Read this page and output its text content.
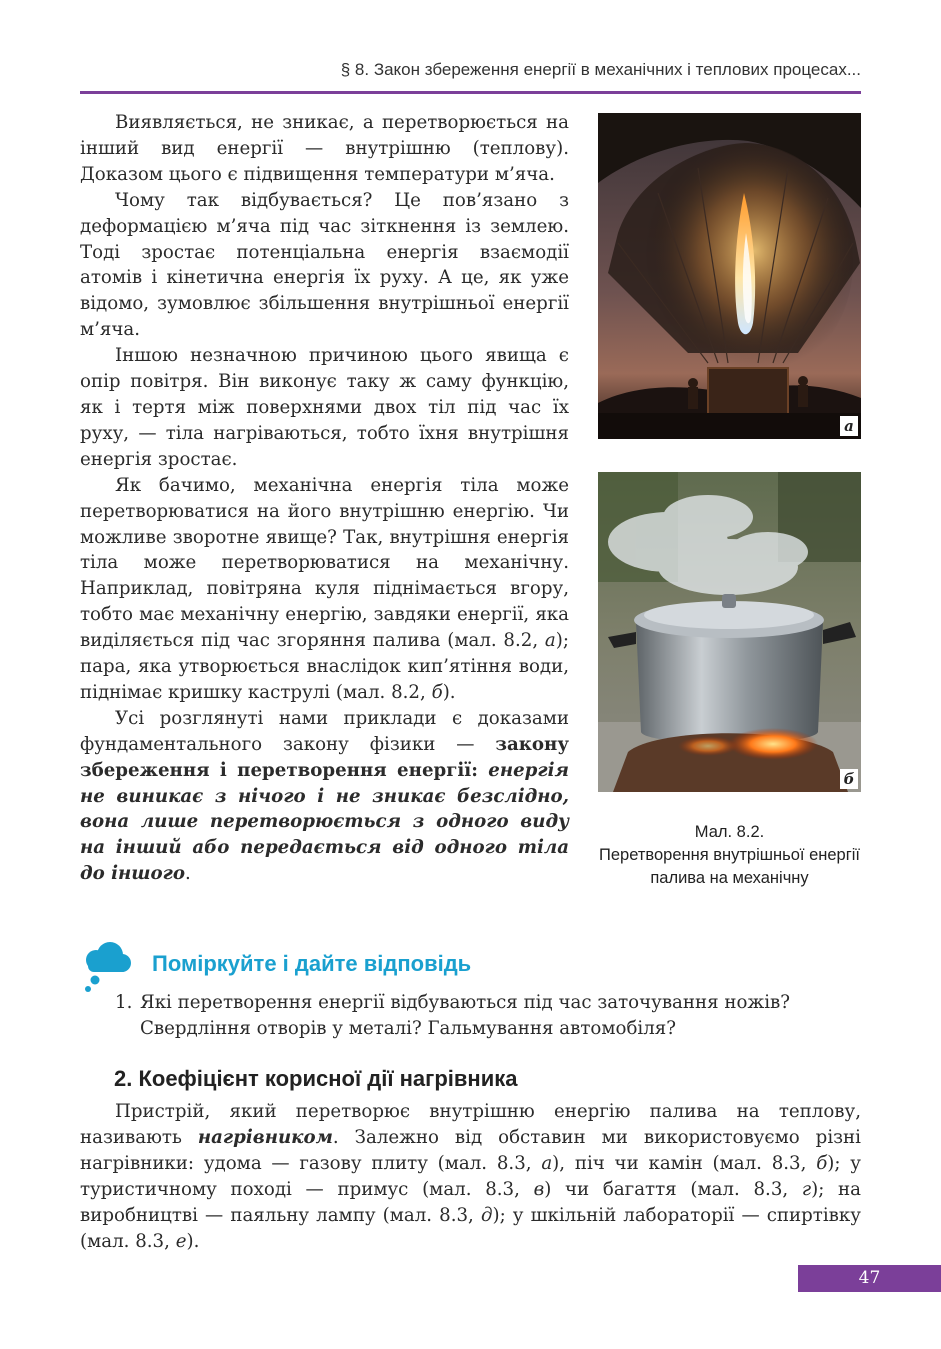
§ 8. Закон збереження енергії в механічних і теплових процесах...

Виявляється, не зникає, а перетворюється на інший вид енергії — внутрішню (теплову). Доказом цього є підвищення температури м’яча.

Чому так відбувається? Це пов’язано з деформацією м’яча під час зіткнення із землею. Тоді зростає потенціальна енергія взаємодії атомів і кінетична енергія їх руху. А це, як уже відомо, зумовлює збільшення внутрішньої енергії м’яча.

Іншою незначною причиною цього явища є опір повітря. Він виконує таку ж саму функцію, як і тертя між поверхнями двох тіл під час їх руху, — тіла нагріваються, тобто їхня внутрішня енергія зростає.

Як бачимо, механічна енергія тіла може перетворюватися на його внутрішню енергію. Чи можливе зворотне явище? Так, внутрішня енергія тіла може перетворюватися на механічну. Наприклад, повітряна куля піднімається вгору, тобто має механічну енергію, завдяки енергії, яка виділяється під час згоряння палива (мал. 8.2, а); пара, яка утворюється внаслідок кип’ятіння води, піднімає кришку каструлі (мал. 8.2, б).

Усі розглянуті нами приклади є доказами фундаментального закону фізики — закону збереження і перетворення енергії: енергія не виникає з нічого і не зникає безслідно, вона лише перетворюється з одного виду на інший або передається від одного тіла до іншого.

а
б
Мал. 8.2.
Перетворення внутрішньої енергії палива на механічну
Поміркуйте і дайте відповідь
1. Які перетворення енергії відбуваються під час заточування ножів? Свердління отворів у металі? Гальмування автомобіля?
2. Коефіцієнт корисної дії нагрівника

Пристрій, який перетворює внутрішню енергію палива на теплову, називають нагрівником. Залежно від обставин ми використовуємо різні нагрівники: удома — газову плиту (мал. 8.3, а), піч чи камін (мал. 8.3, б); у туристичному поході — примус (мал. 8.3, в) чи багаття (мал. 8.3, г); на виробництві — паяльну лампу (мал. 8.3, д); у шкільній лабораторії — спиртівку (мал. 8.3, е).

47
